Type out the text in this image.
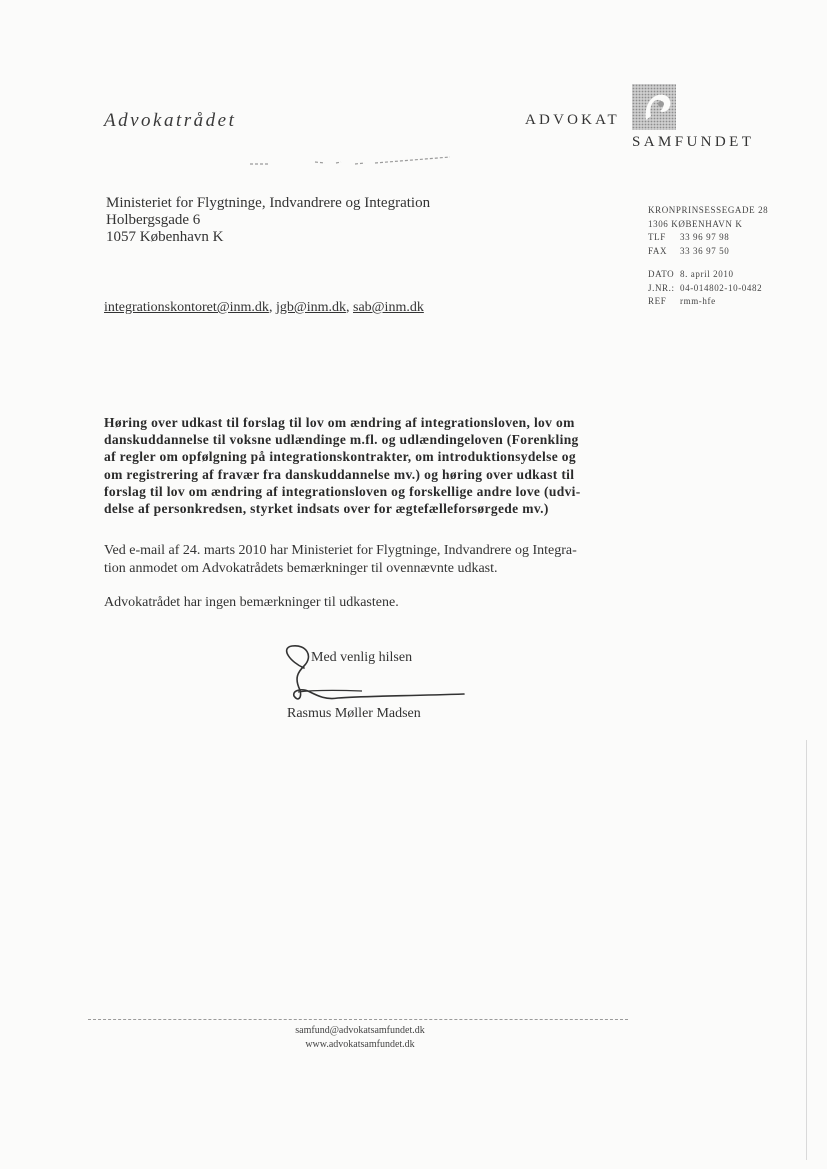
Advokatrådet	ADVOKAT
SAMFUNDET
Ministeriet for Flygtninge, Indvandrere og Integration
Holbergsgade 6
1057 København K
KRONPRINSESSEGADE 28
1306 KØBENHAVN K
TLF 33 96 97 98
FAX 33 36 97 50
DATO 8. april 2010
J.NR.: 04-014802-10-0482
REF rmm-hfe
integrationskontoret@inm.dk, jgb@inm.dk, sab@inm.dk
Høring over udkast til forslag til lov om ændring af integrationsloven, lov om
danskuddannelse til voksne udlændinge m.fl. og udlændingeloven (Forenkling
af regler om opfølgning på integrationskontrakter, om introduktionsydelse og
om registrering af fravær fra danskuddannelse mv.) og høring over udkast til
forslag til lov om ændring af integrationsloven og forskellige andre love (udvi-
delse af personkredsen, styrket indsats over for ægtefælleforsørgede mv.)
Ved e-mail af 24. marts 2010 har Ministeriet for Flygtninge, Indvandrere og Integra-
tion anmodet om Advokatrådets bemærkninger til ovennævnte udkast.
Advokatrådet har ingen bemærkninger til udkastene.
Med venlig hilsen
Rasmus Møller Madsen
samfund@advokatsamfundet.dk
www.advokatsamfundet.dk
